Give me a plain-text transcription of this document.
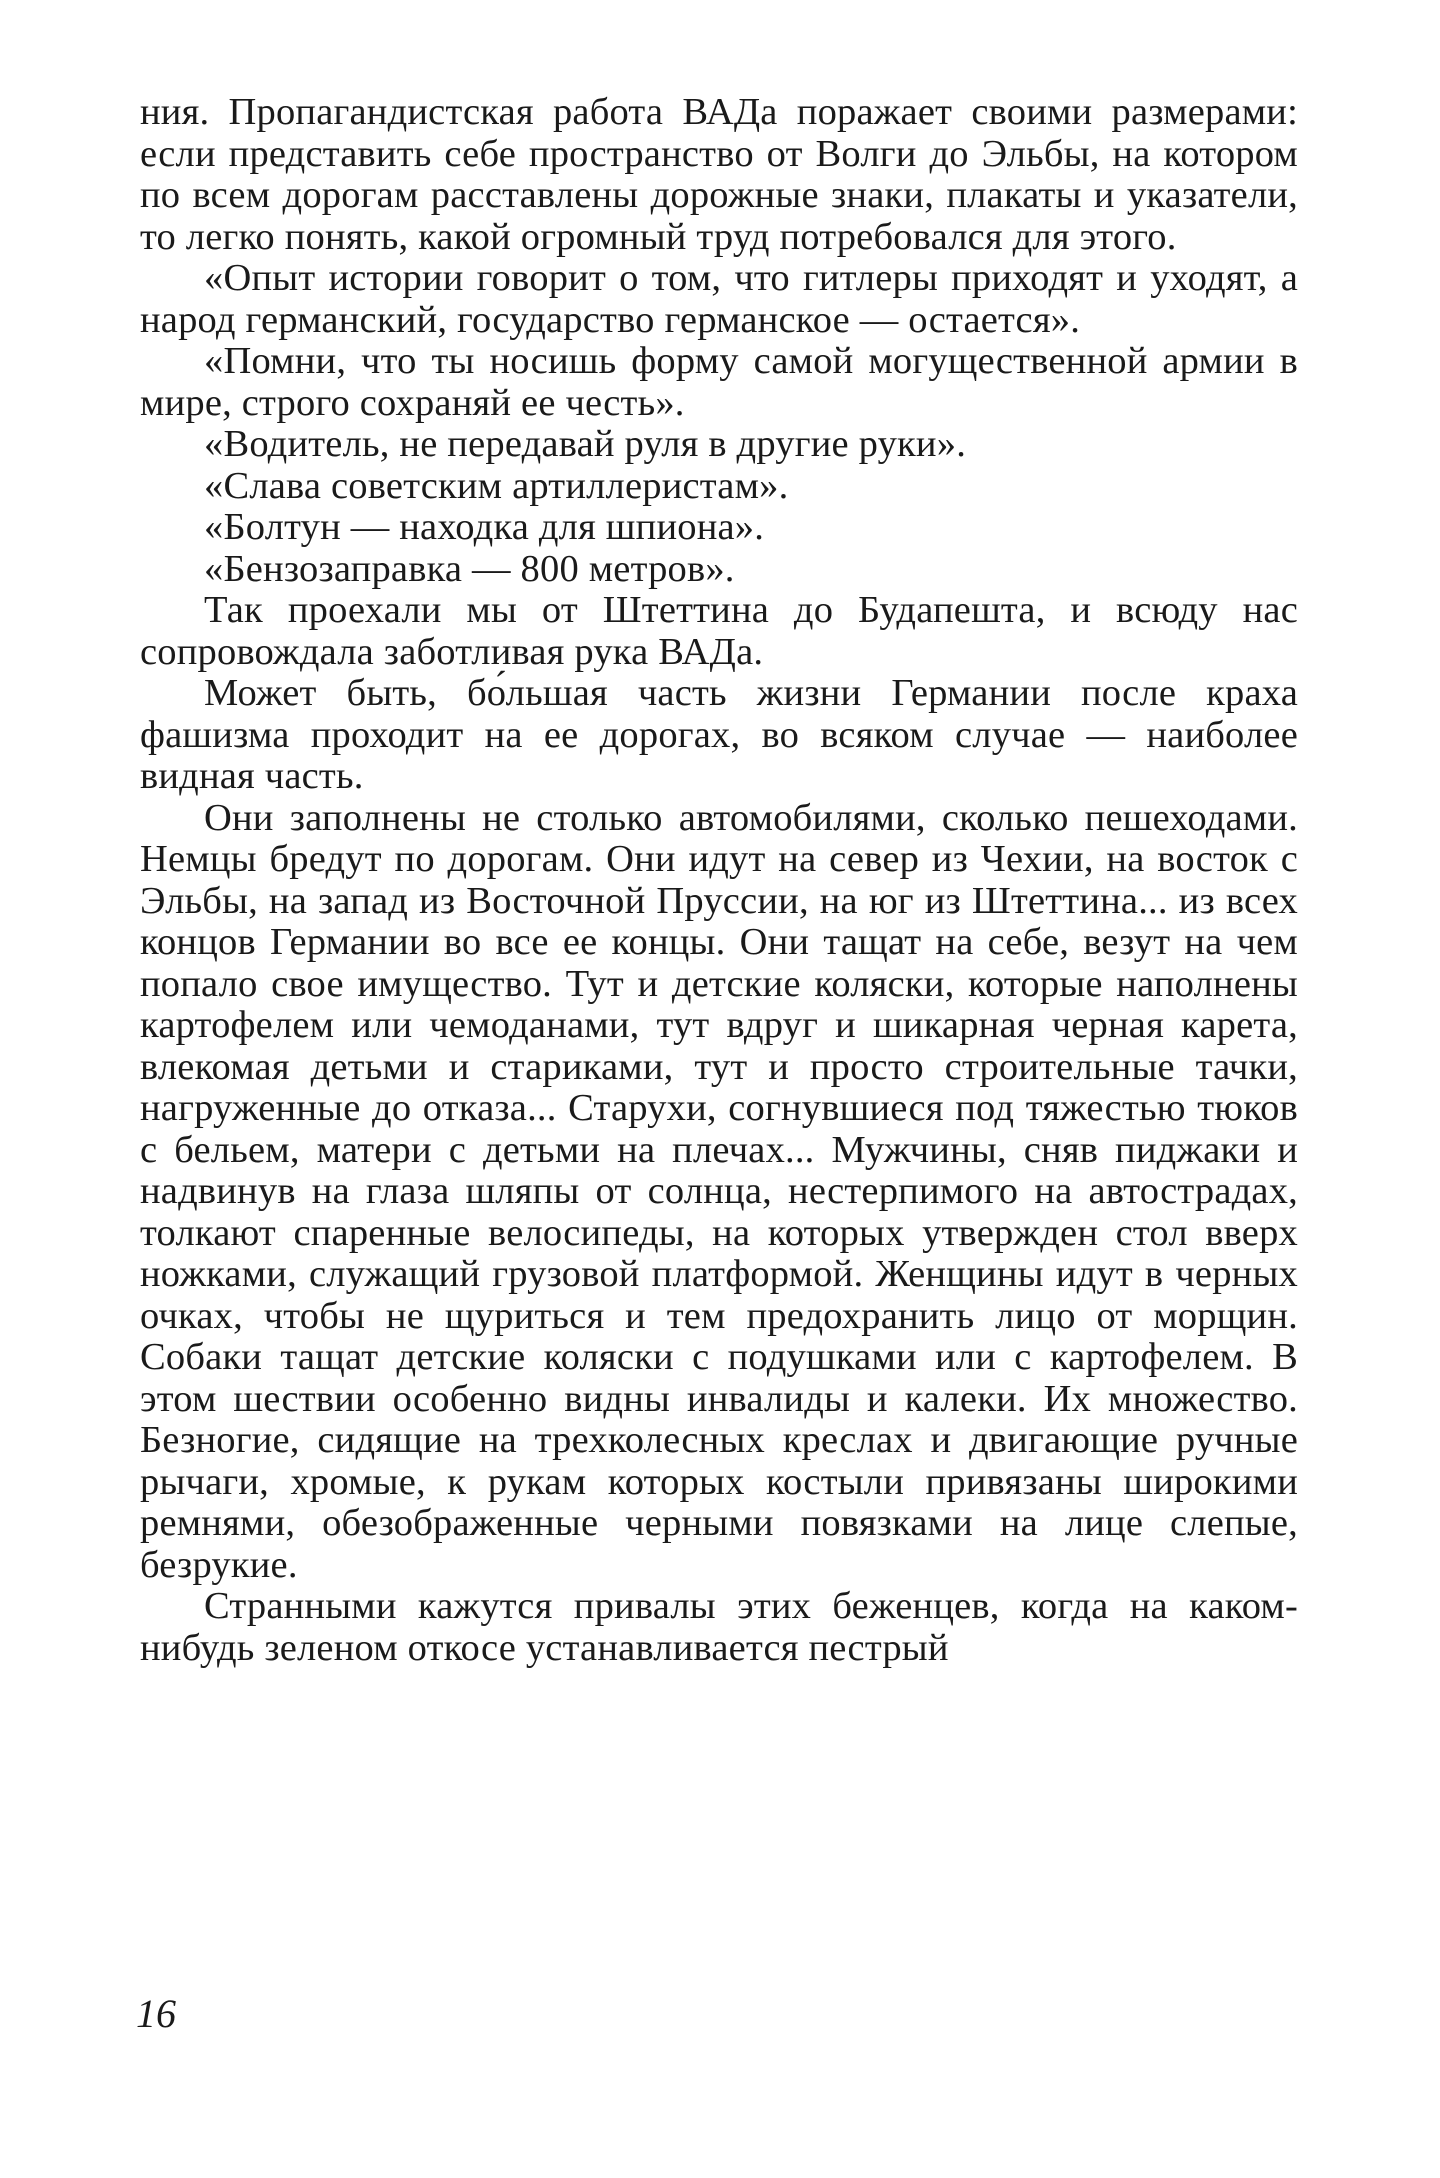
ния. Пропагандистская работа ВАДа поражает своими размерами: если представить себе пространство от Волги до Эльбы, на котором по всем дорогам расставлены дорожные знаки, плакаты и указатели, то легко понять, какой огромный труд потребовался для этого.

«Опыт истории говорит о том, что гитлеры приходят и уходят, а народ германский, государство германское — остается».

«Помни, что ты носишь форму самой могущественной армии в мире, строго сохраняй ее честь».

«Водитель, не передавай руля в другие руки».

«Слава советским артиллеристам».

«Болтун — находка для шпиона».

«Бензозаправка — 800 метров».

Так проехали мы от Штеттина до Будапешта, и всюду нас сопровождала заботливая рука ВАДа.

Может быть, бо́льшая часть жизни Германии после краха фашизма проходит на ее дорогах, во всяком случае — наиболее видная часть.

Они заполнены не столько автомобилями, сколько пешеходами. Немцы бредут по дорогам. Они идут на север из Чехии, на восток с Эльбы, на запад из Восточной Пруссии, на юг из Штеттина... из всех концов Германии во все ее концы. Они тащат на себе, везут на чем попало свое имущество. Тут и детские коляски, которые наполнены картофелем или чемоданами, тут вдруг и шикарная черная карета, влекомая детьми и стариками, тут и просто строительные тачки, нагруженные до отказа... Старухи, согнувшиеся под тяжестью тюков с бельем, матери с детьми на плечах... Мужчины, сняв пиджаки и надвинув на глаза шляпы от солнца, нестерпимого на автострадах, толкают спаренные велосипеды, на которых утвержден стол вверх ножками, служащий грузовой платформой. Женщины идут в черных очках, чтобы не щуриться и тем предохранить лицо от морщин. Собаки тащат детские коляски с подушками или с картофелем. В этом шествии особенно видны инвалиды и калеки. Их множество. Безногие, сидящие на трехколесных креслах и двигающие ручные рычаги, хромые, к рукам которых костыли привязаны широкими ремнями, обезображенные черными повязками на лице слепые, безрукие.

Странными кажутся привалы этих беженцев, когда на каком-нибудь зеленом откосе устанавливается пестрый

16
